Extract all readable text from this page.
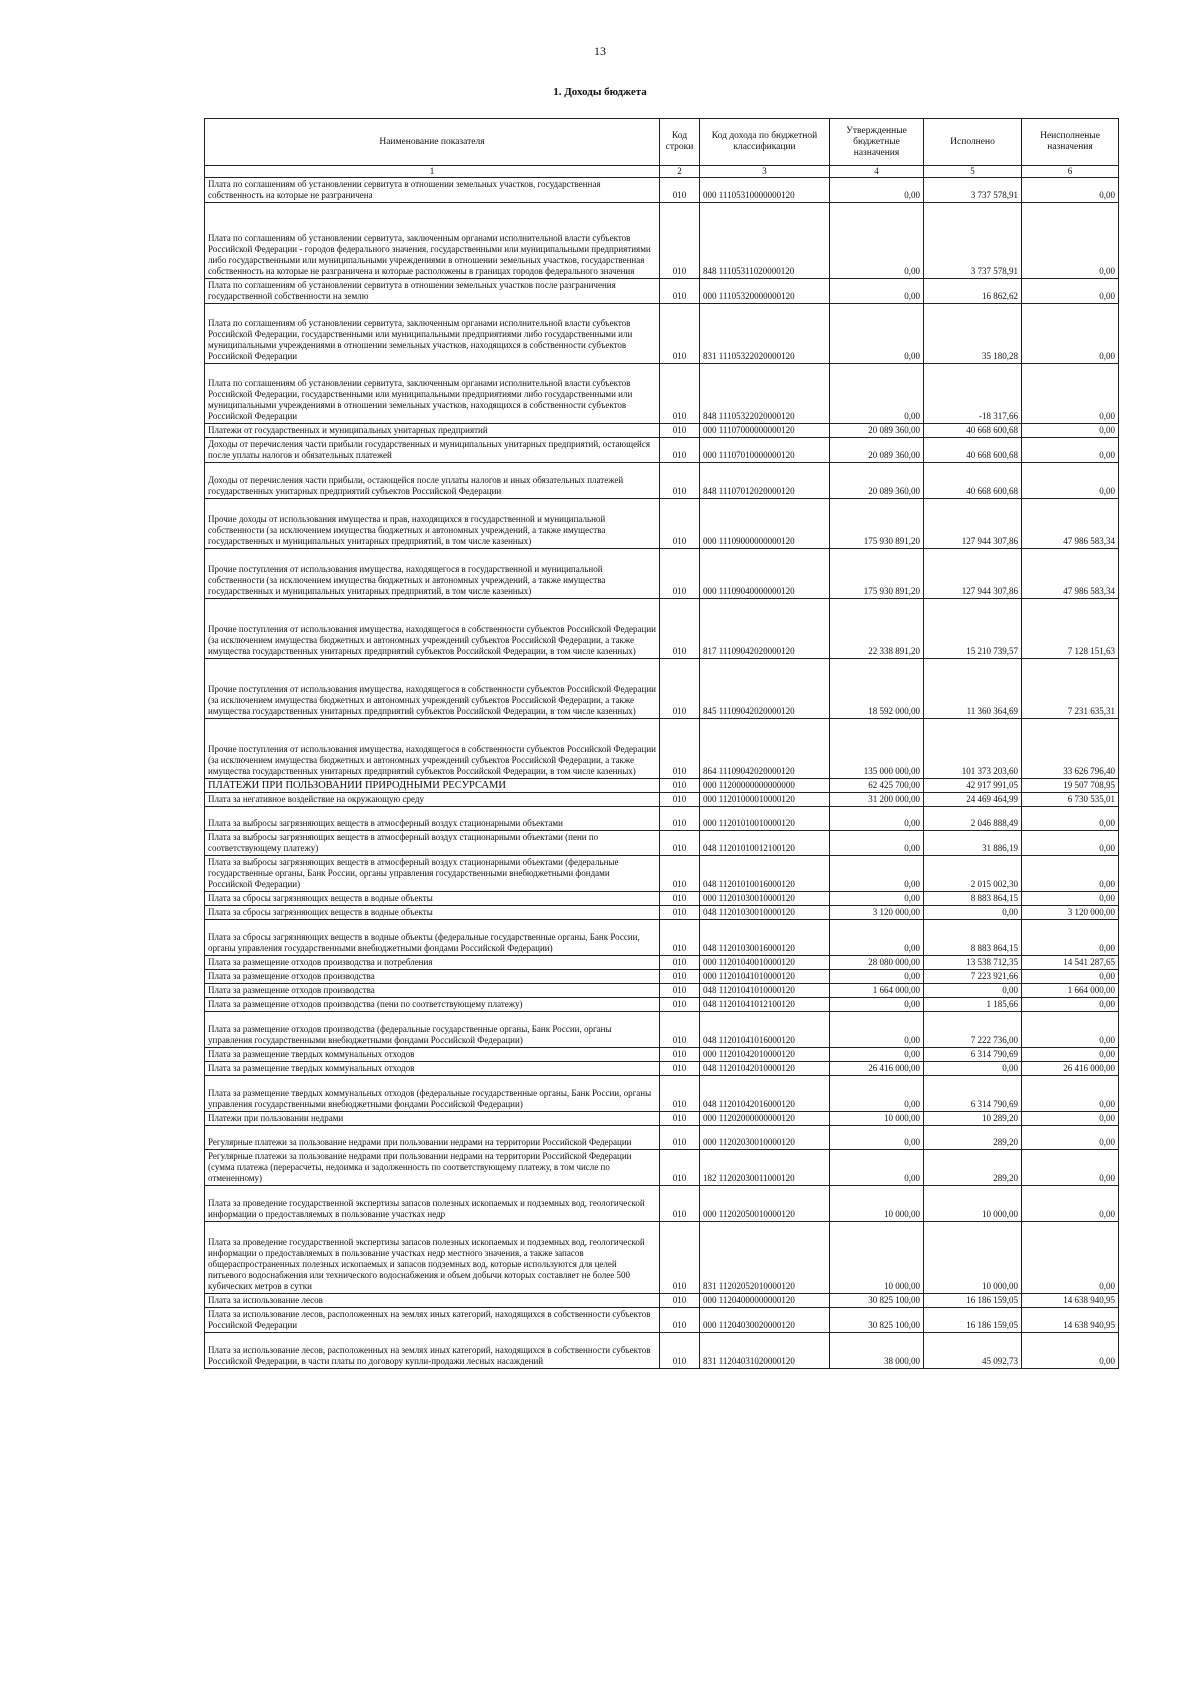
13
1. Доходы бюджета
Наименование показателя	Код строки	Код дохода по бюджетной классификации	Утвержденные бюджетные назначения	Исполнено	Неисполненые назначения
1	2	3	4	5	6
Плата по соглашениям об установлении сервитута в отношении земельных участков, государственная собственность на которые не разграничена	010	000 11105310000000120	0,00	3 737 578,91	0,00
Плата по соглашениям об установлении сервитута, заключенным органами исполнительной власти субъектов Российской Федерации - городов федерального значения, государственными или муниципальными предприятиями либо государственными или муниципальными учреждениями в отношении земельных участков, государственная собственность на которые не разграничена и которые расположены в границах городов федерального значения	010	848 11105311020000120	0,00	3 737 578,91	0,00
Плата по соглашениям об установлении сервитута в отношении земельных участков после разграничения государственной собственности на землю	010	000 11105320000000120	0,00	16 862,62	0,00
Плата по соглашениям об установлении сервитута, заключенным органами исполнительной власти субъектов Российской Федерации, государственными или муниципальными предприятиями либо государственными или муниципальными учреждениями в отношении земельных участков, находящихся в собственности субъектов Российской Федерации	010	831 11105322020000120	0,00	35 180,28	0,00
Плата по соглашениям об установлении сервитута, заключенным органами исполнительной власти субъектов Российской Федерации, государственными или муниципальными предприятиями либо государственными или муниципальными учреждениями в отношении земельных участков, находящихся в собственности субъектов Российской Федерации	010	848 11105322020000120	0,00	-18 317,66	0,00
Платежи от государственных и муниципальных унитарных предприятий	010	000 11107000000000120	20 089 360,00	40 668 600,68	0,00
Доходы от перечисления части прибыли государственных и муниципальных унитарных предприятий, остающейся после уплаты налогов и обязательных платежей	010	000 11107010000000120	20 089 360,00	40 668 600,68	0,00
Доходы от перечисления части прибыли, остающейся после уплаты налогов и иных обязательных платежей государственных унитарных предприятий субъектов Российской Федерации	010	848 11107012020000120	20 089 360,00	40 668 600,68	0,00
Прочие доходы от использования имущества и прав, находящихся в государственной и муниципальной собственности (за исключением имущества бюджетных и автономных учреждений, а также имущества государственных и муниципальных унитарных предприятий, в том числе казенных)	010	000 11109000000000120	175 930 891,20	127 944 307,86	47 986 583,34
Прочие поступления от использования имущества, находящегося в государственной и муниципальной собственности (за исключением имущества бюджетных и автономных учреждений, а также имущества государственных и муниципальных унитарных предприятий, в том числе казенных)	010	000 11109040000000120	175 930 891,20	127 944 307,86	47 986 583,34
Прочие поступления от использования имущества, находящегося в собственности субъектов Российской Федерации (за исключением имущества бюджетных и автономных учреждений субъектов Российской Федерации, а также имущества государственных унитарных предприятий субъектов Российской Федерации, в том числе казенных)	010	817 11109042020000120	22 338 891,20	15 210 739,57	7 128 151,63
Прочие поступления от использования имущества, находящегося в собственности субъектов Российской Федерации (за исключением имущества бюджетных и автономных учреждений субъектов Российской Федерации, а также имущества государственных унитарных предприятий субъектов Российской Федерации, в том числе казенных)	010	845 11109042020000120	18 592 000,00	11 360 364,69	7 231 635,31
Прочие поступления от использования имущества, находящегося в собственности субъектов Российской Федерации (за исключением имущества бюджетных и автономных учреждений субъектов Российской Федерации, а также имущества государственных унитарных предприятий субъектов Российской Федерации, в том числе казенных)	010	864 11109042020000120	135 000 000,00	101 373 203,60	33 626 796,40
ПЛАТЕЖИ ПРИ ПОЛЬЗОВАНИИ ПРИРОДНЫМИ РЕСУРСАМИ	010	000 11200000000000000	62 425 700,00	42 917 991,05	19 507 708,95
Плата за негативное воздействие на окружающую среду	010	000 11201000010000120	31 200 000,00	24 469 464,99	6 730 535,01
Плата за выбросы загрязняющих веществ в атмосферный воздух стационарными объектами	010	000 11201010010000120	0,00	2 046 888,49	0,00
Плата за выбросы загрязняющих веществ в атмосферный воздух стационарными объектами (пени по соответствующему платежу)	010	048 11201010012100120	0,00	31 886,19	0,00
Плата за выбросы загрязняющих веществ в атмосферный воздух стационарными объектами (федеральные государственные органы, Банк России, органы управления государственными внебюджетными фондами Российской Федерации)	010	048 11201010016000120	0,00	2 015 002,30	0,00
Плата за сбросы загрязняющих веществ в водные объекты	010	000 11201030010000120	0,00	8 883 864,15	0,00
Плата за сбросы загрязняющих веществ в водные объекты	010	048 11201030010000120	3 120 000,00	0,00	3 120 000,00
Плата за сбросы загрязняющих веществ в водные объекты (федеральные государственные органы, Банк России, органы управления государственными внебюджетными фондами Российской Федерации)	010	048 11201030016000120	0,00	8 883 864,15	0,00
Плата за размещение отходов производства и потребления	010	000 11201040010000120	28 080 000,00	13 538 712,35	14 541 287,65
Плата за размещение отходов производства	010	000 11201041010000120	0,00	7 223 921,66	0,00
Плата за размещение отходов производства	010	048 11201041010000120	1 664 000,00	0,00	1 664 000,00
Плата за размещение отходов производства (пени по соответствующему платежу)	010	048 11201041012100120	0,00	1 185,66	0,00
Плата за размещение отходов производства (федеральные государственные органы, Банк России, органы управления государственными внебюджетными фондами Российской Федерации)	010	048 11201041016000120	0,00	7 222 736,00	0,00
Плата за размещение твердых коммунальных отходов	010	000 11201042010000120	0,00	6 314 790,69	0,00
Плата за размещение твердых коммунальных отходов	010	048 11201042010000120	26 416 000,00	0,00	26 416 000,00
Плата за размещение твердых коммунальных отходов (федеральные государственные органы, Банк России, органы управления государственными внебюджетными фондами Российской Федерации)	010	048 11201042016000120	0,00	6 314 790,69	0,00
Платежи при пользовании недрами	010	000 11202000000000120	10 000,00	10 289,20	0,00
Регулярные платежи за пользование недрами при пользовании недрами на территории Российской Федерации	010	000 11202030010000120	0,00	289,20	0,00
Регулярные платежи за пользование недрами при пользовании недрами на территории Российской Федерации (сумма платежа (перерасчеты, недоимка и задолженность по соответствующему платежу, в том числе по отмененному)	010	182 11202030011000120	0,00	289,20	0,00
Плата за проведение государственной экспертизы запасов полезных ископаемых и подземных вод, геологической информации о предоставляемых в пользование участках недр	010	000 11202050010000120	10 000,00	10 000,00	0,00
Плата за проведение государственной экспертизы запасов полезных ископаемых и подземных вод, геологической информации о предоставляемых в пользование участках недр местного значения, а также запасов общераспространенных полезных ископаемых и запасов подземных вод, которые используются для целей питьевого водоснабжения или технического водоснабжения и объем добычи которых составляет не более 500 кубических метров в сутки	010	831 11202052010000120	10 000,00	10 000,00	0,00
Плата за использование лесов	010	000 11204000000000120	30 825 100,00	16 186 159,05	14 638 940,95
Плата за использование лесов, расположенных на землях иных категорий, находящихся в собственности субъектов Российской Федерации	010	000 11204030020000120	30 825 100,00	16 186 159,05	14 638 940,95
Плата за использование лесов, расположенных на землях иных категорий, находящихся в собственности субъектов Российской Федерации, в части платы по договору купли-продажи лесных насаждений	010	831 11204031020000120	38 000,00	45 092,73	0,00
